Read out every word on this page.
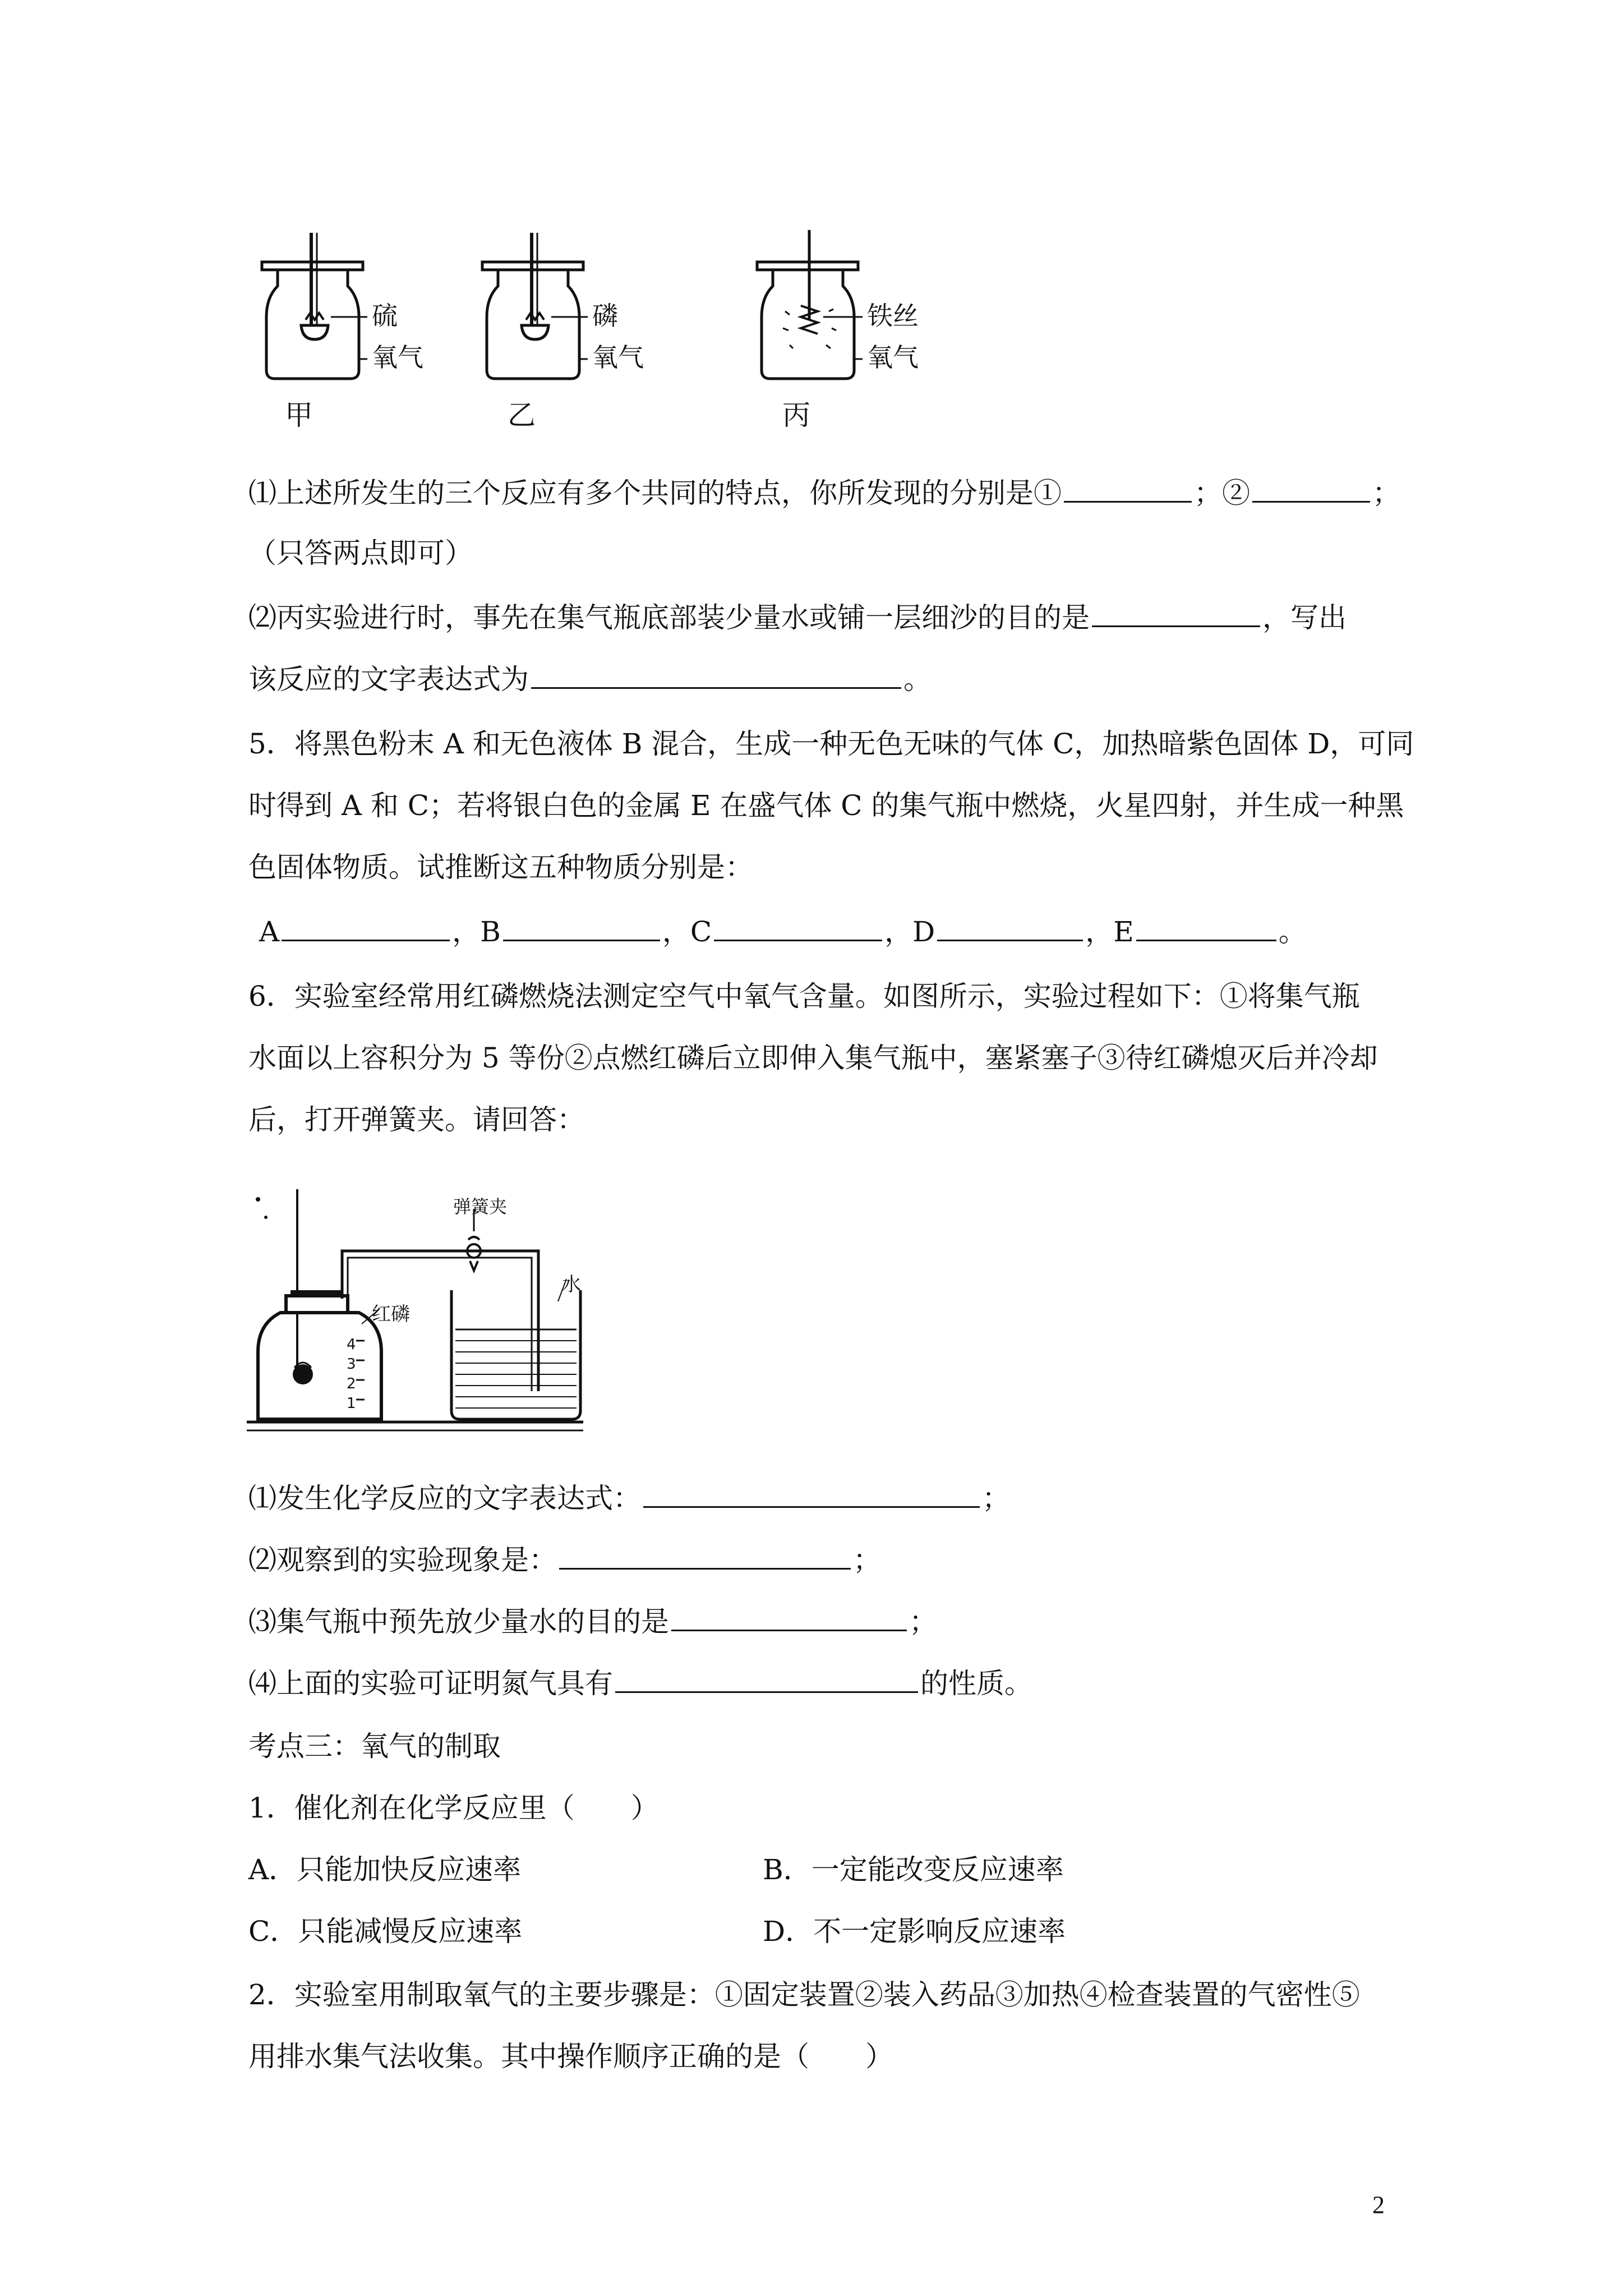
硫
氧气
甲
磷
氧气
乙
铁丝
氧气
丙
⑴上述所发生的三个反应有多个共同的特点，你所发现的分别是①	；②	；
（只答两点即可）
⑵丙实验进行时，事先在集气瓶底部装少量水或铺一层细沙的目的是	，写出
该反应的文字表达式为	。
5．将黑色粉末 A 和无色液体 B 混合，生成一种无色无味的气体 C，加热暗紫色固体 D，可同
时得到 A 和 C；若将银白色的金属 E 在盛气体 C 的集气瓶中燃烧，火星四射，并生成一种黑
色固体物质。试推断这五种物质分别是：
A	，B	，C	，D	，E	。
6．实验室经常用红磷燃烧法测定空气中氧气含量。如图所示，实验过程如下：①将集气瓶
水面以上容积分为 5 等份②点燃红磷后立即伸入集气瓶中，塞紧塞子③待红磷熄灭后并冷却
后，打开弹簧夹。请回答：
弹簧夹
红磷
水
4
3
2
1
⑴发生化学反应的文字表达式：	；
⑵观察到的实验现象是：	；
⑶集气瓶中预先放少量水的目的是	；
⑷上面的实验可证明氮气具有	的性质。
考点三：氧气的制取
1．催化剂在化学反应里（　　）
A．只能加快反应速率	B．一定能改变反应速率
C．只能减慢反应速率	D．不一定影响反应速率
2．实验室用制取氧气的主要步骤是：①固定装置②装入药品③加热④检查装置的气密性⑤
用排水集气法收集。其中操作顺序正确的是（　　）
2
